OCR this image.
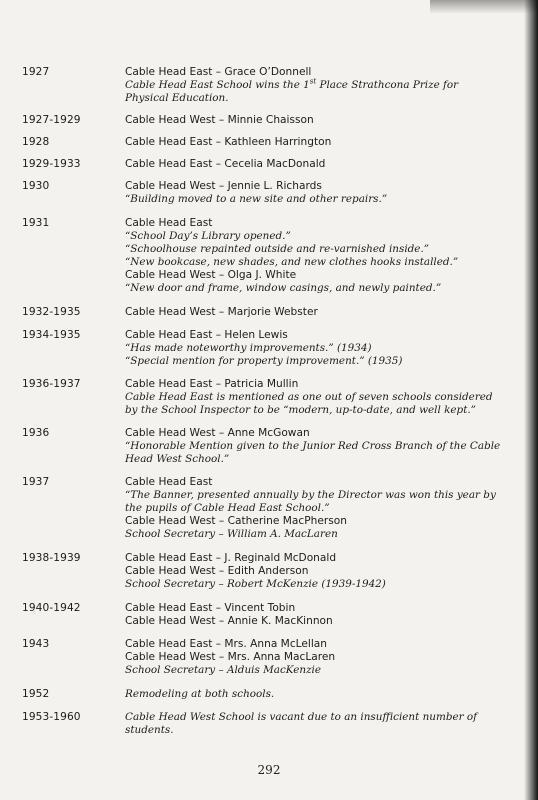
1927	Cable Head East – Grace O’Donnell
Cable Head East School wins the 1st Place Strathcona Prize for Physical Education.
1927-1929	Cable Head West – Minnie Chaisson
1928	Cable Head East – Kathleen Harrington
1929-1933	Cable Head East – Cecelia MacDonald
1930	Cable Head West – Jennie L. Richards
“Building moved to a new site and other repairs.”
1931	Cable Head East
“School Day’s Library opened.”
“Schoolhouse repainted outside and re-varnished inside.”
“New bookcase, new shades, and new clothes hooks installed.”
Cable Head West – Olga J. White
“New door and frame, window casings, and newly painted.”
1932-1935	Cable Head West – Marjorie Webster
1934-1935	Cable Head East – Helen Lewis
“Has made noteworthy improvements.” (1934)
“Special mention for property improvement.” (1935)
1936-1937	Cable Head East – Patricia Mullin
Cable Head East is mentioned as one out of seven schools considered by the School Inspector to be “modern, up-to-date, and well kept.”
1936	Cable Head West – Anne McGowan
“Honorable Mention given to the Junior Red Cross Branch of the Cable Head West School.”
1937	Cable Head East
“The Banner, presented annually by the Director was won this year by the pupils of Cable Head East School.”
Cable Head West – Catherine MacPherson
School Secretary – William A. MacLaren
1938-1939	Cable Head East – J. Reginald McDonald
Cable Head West – Edith Anderson
School Secretary – Robert McKenzie (1939-1942)
1940-1942	Cable Head East – Vincent Tobin
Cable Head West – Annie K. MacKinnon
1943	Cable Head East – Mrs. Anna McLellan
Cable Head West – Mrs. Anna MacLaren
School Secretary – Alduis MacKenzie
1952	Remodeling at both schools.
1953-1960	Cable Head West School is vacant due to an insufficient number of students.
292
